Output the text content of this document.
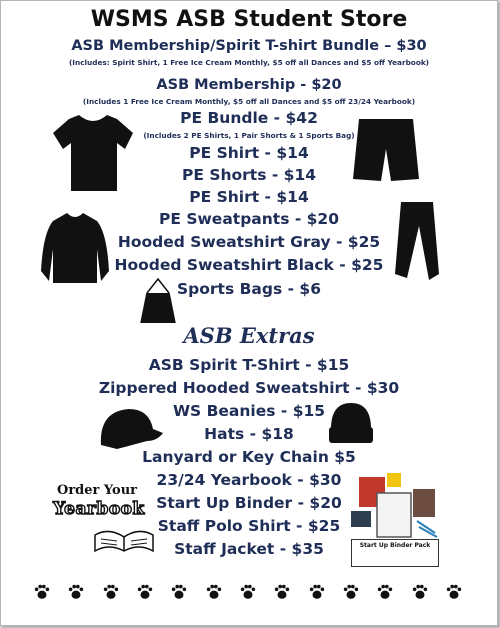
WSMS ASB Student Store
ASB Membership/Spirit T-shirt Bundle – $30
(Includes: Spirit Shirt, 1 Free Ice Cream Monthly, $5 off all Dances and $5 off Yearbook)
ASB Membership - $20
(Includes 1 Free Ice Cream Monthly, $5 off all Dances and $5 off 23/24 Yearbook)
PE Bundle - $42
(Includes 2 PE Shirts, 1 Pair Shorts & 1 Sports Bag)
PE Shirt - $14
PE Shorts - $14
PE Shirt - $14
PE Sweatpants - $20
Hooded Sweatshirt Gray - $25
Hooded Sweatshirt Black - $25
Sports Bags - $6
ASB Extras
ASB Spirit T-Shirt - $15
Zippered Hooded Sweatshirt - $30
WS Beanies - $15
Hats - $18
Lanyard or Key Chain $5
23/24 Yearbook - $30
Start Up Binder - $20
Staff Polo Shirt - $25
Staff Jacket - $35
Order Your
Yearbook
Start Up Binder Pack
